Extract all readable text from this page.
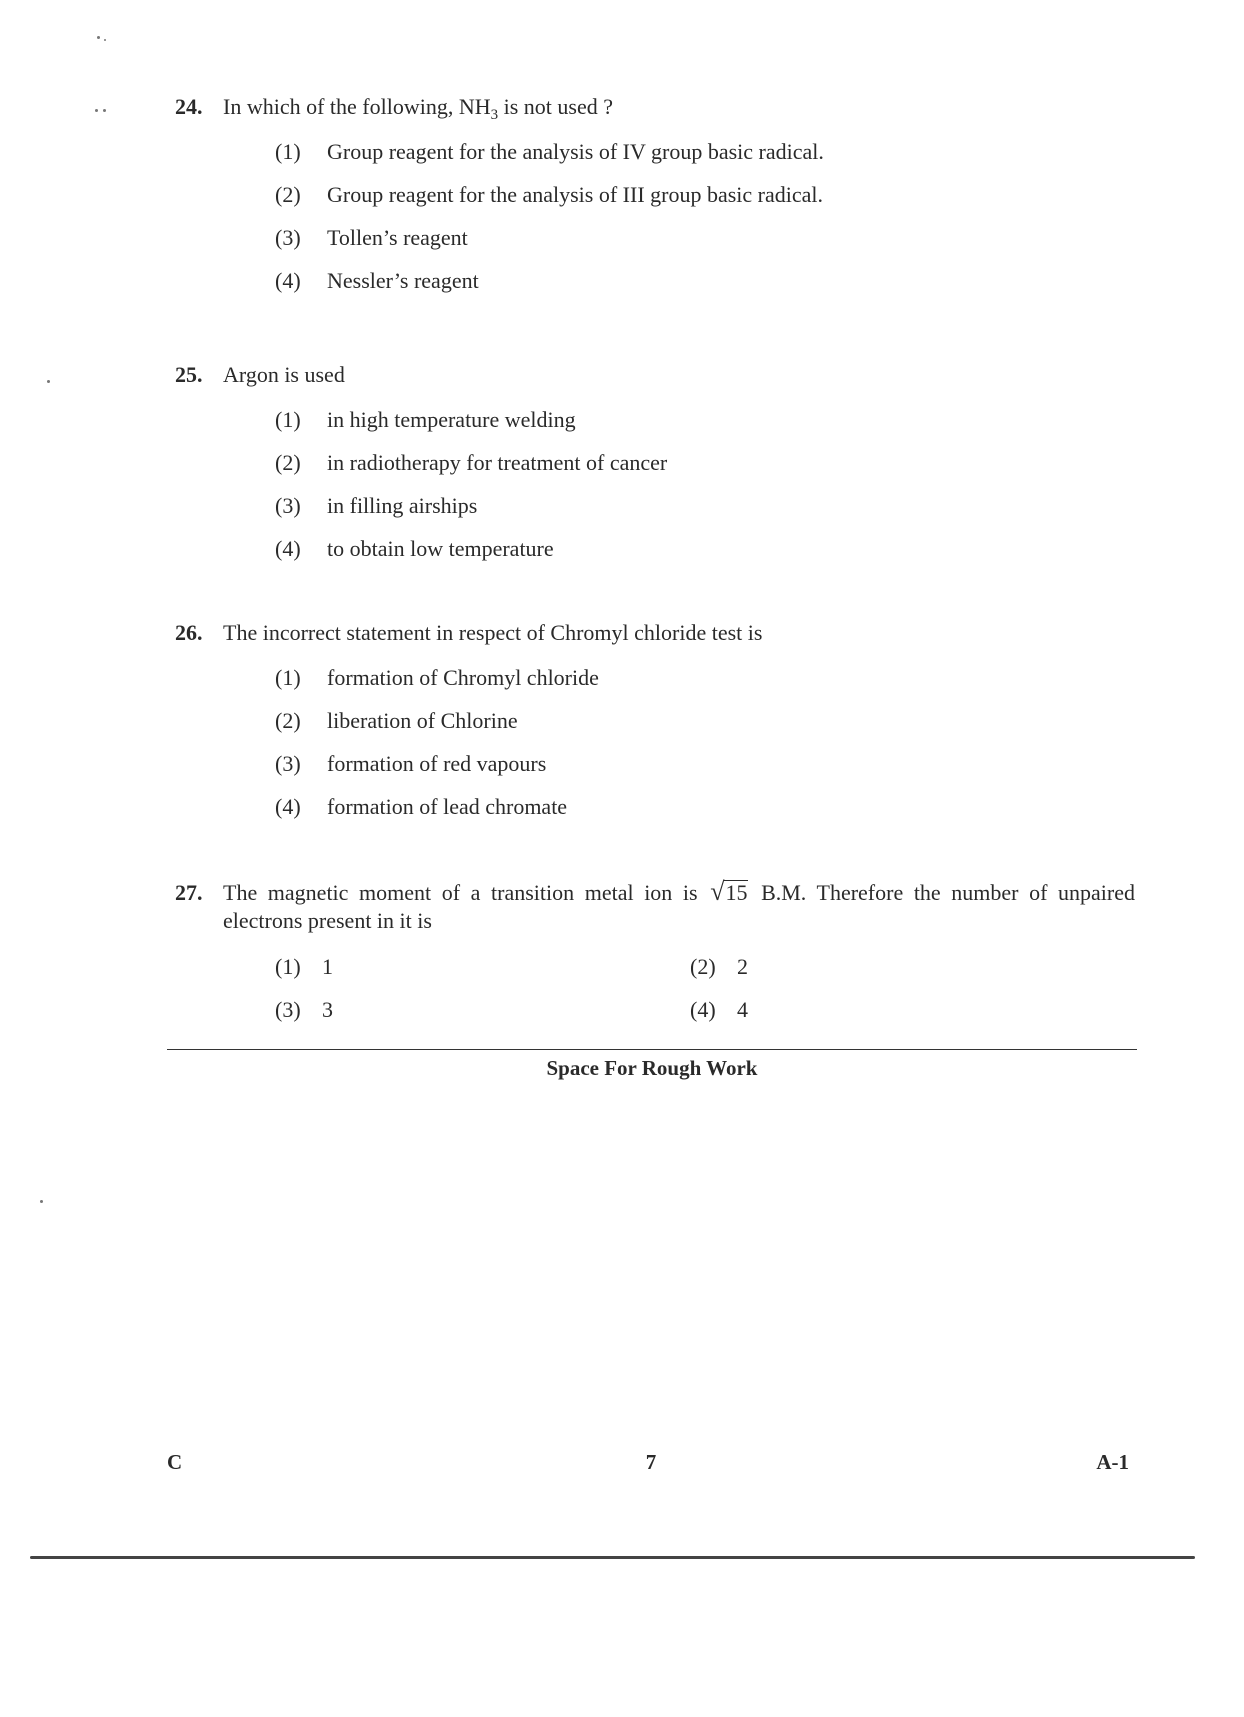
24. In which of the following, $NH_3$ is not used ?
(1)	Group reagent for the analysis of IV group basic radical.
(2)	Group reagent for the analysis of III group basic radical.
(3)	Tollen’s reagent
(4)	Nessler’s reagent
25. Argon is used
(1)	in high temperature welding
(2)	in radiotherapy for treatment of cancer
(3)	in filling airships
(4)	to obtain low temperature
26. The incorrect statement in respect of Chromyl chloride test is
(1)	formation of Chromyl chloride
(2)	liberation of Chlorine
(3)	formation of red vapours
(4)	formation of lead chromate
27. The magnetic moment of a transition metal ion is √ 15 B.M. Therefore the number of unpaired electrons present in it is
(1) 1	(2) 2
(3) 3	(4) 4
Space For Rough Work
C	7	A-1
